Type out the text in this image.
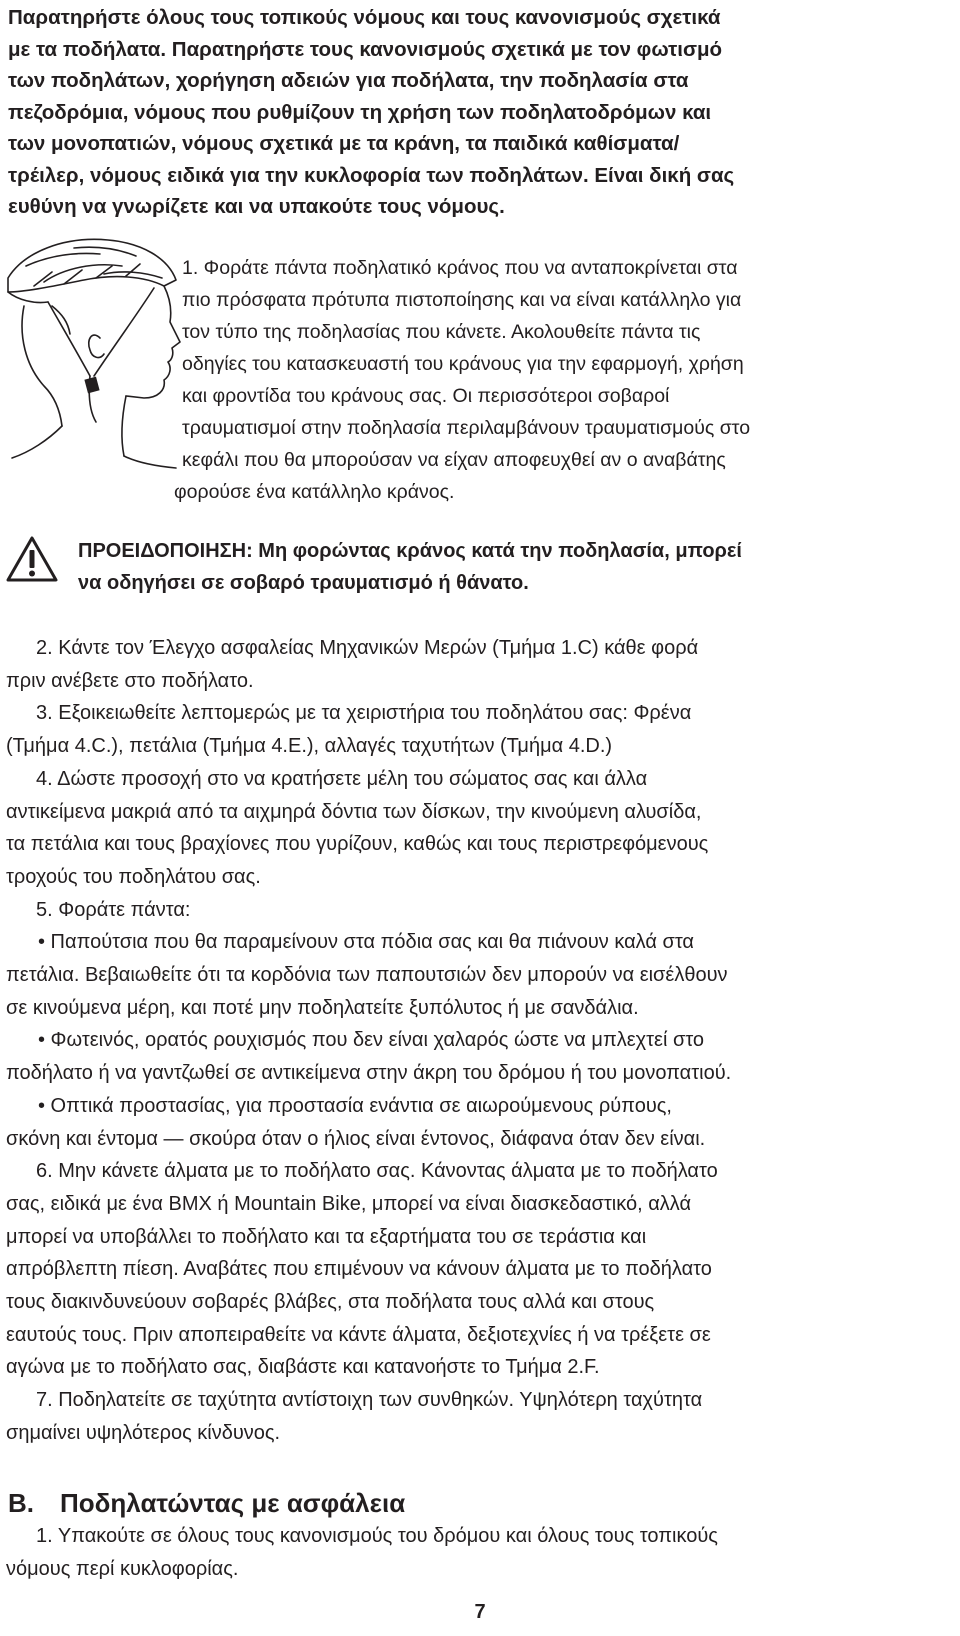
Παρατηρήστε όλους τους τοπικούς νόμους και τους κανονισμούς σχετικά
με τα ποδήλατα. Παρατηρήστε τους κανονισμούς σχετικά με τον φωτισμό
των ποδηλάτων, χορήγηση αδειών για ποδήλατα, την ποδηλασία στα
πεζοδρόμια, νόμους που ρυθμίζουν τη χρήση των ποδηλατοδρόμων και
των μονοπατιών, νόμους σχετικά με τα κράνη, τα παιδικά καθίσματα/
τρέιλερ, νόμους ειδικά για την κυκλοφορία των ποδηλάτων. Είναι δική σας
ευθύνη να γνωρίζετε και να υπακούτε τους νόμους.
1. Φοράτε πάντα ποδηλατικό κράνος που να ανταποκρίνεται στα
πιο πρόσφατα πρότυπα πιστοποίησης και να είναι κατάλληλο για
τον τύπο της ποδηλασίας που κάνετε. Ακολουθείτε πάντα τις
οδηγίες του κατασκευαστή του κράνους για την εφαρμογή, χρήση
και φροντίδα του κράνους σας. Οι περισσότεροι σοβαροί
τραυματισμοί στην ποδηλασία περιλαμβάνουν τραυματισμούς στο
κεφάλι που θα μπορούσαν να είχαν αποφευχθεί αν ο αναβάτης
φορούσε ένα κατάλληλο κράνος.
ΠΡΟΕΙΔΟΠΟΙΗΣΗ: Μη φορώντας κράνος κατά την ποδηλασία, μπορεί
να οδηγήσει σε σοβαρό τραυματισμό ή θάνατο.
2. Κάντε τον Έλεγχο ασφαλείας Μηχανικών Μερών (Τμήμα 1.C) κάθε φορά
πριν ανέβετε στο ποδήλατο.
3. Εξοικειωθείτε λεπτομερώς με τα χειριστήρια του ποδηλάτου σας: Φρένα
(Τμήμα 4.C.), πετάλια (Τμήμα 4.E.), αλλαγές ταχυτήτων (Τμήμα 4.D.)
4. Δώστε προσοχή στο να κρατήσετε μέλη του σώματος σας και άλλα
αντικείμενα μακριά από τα αιχμηρά δόντια των δίσκων, την κινούμενη αλυσίδα,
τα πετάλια και τους βραχίονες που γυρίζουν, καθώς και τους περιστρεφόμενους
τροχούς του ποδηλάτου σας.
5. Φοράτε πάντα:
• Παπούτσια που θα παραμείνουν στα πόδια σας και θα πιάνουν καλά στα
πετάλια. Βεβαιωθείτε ότι τα κορδόνια των παπουτσιών δεν μπορούν να εισέλθουν
σε κινούμενα μέρη, και ποτέ μην ποδηλατείτε ξυπόλυτος ή με σανδάλια.
• Φωτεινός, ορατός ρουχισμός που δεν είναι χαλαρός ώστε να μπλεχτεί στο
ποδήλατο ή να γαντζωθεί σε αντικείμενα στην άκρη του δρόμου ή του μονοπατιού.
• Οπτικά προστασίας, για προστασία ενάντια σε αιωρούμενους ρύπους,
σκόνη και έντομα — σκούρα όταν ο ήλιος είναι έντονος, διάφανα όταν δεν είναι.
6. Μην κάνετε άλματα με το ποδήλατο σας. Κάνοντας άλματα με το ποδήλατο
σας, ειδικά με ένα BMX ή Mountain Bike, μπορεί να είναι διασκεδαστικό, αλλά
μπορεί να υποβάλλει το ποδήλατο και τα εξαρτήματα του σε τεράστια και
απρόβλεπτη πίεση. Αναβάτες που επιμένουν να κάνουν άλματα με το ποδήλατο
τους διακινδυνεύουν σοβαρές βλάβες, στα ποδήλατα τους αλλά και στους
εαυτούς τους. Πριν αποπειραθείτε να κάντε άλματα, δεξιοτεχνίες ή να τρέξετε σε
αγώνα με το ποδήλατο σας, διαβάστε και κατανοήστε το Τμήμα 2.F.
7. Ποδηλατείτε σε ταχύτητα αντίστοιχη των συνθηκών. Υψηλότερη ταχύτητα
σημαίνει υψηλότερος κίνδυνος.
B. Ποδηλατώντας με ασφάλεια
1. Υπακούτε σε όλους τους κανονισμούς του δρόμου και όλους τους τοπικούς
νόμους περί κυκλοφορίας.
7
